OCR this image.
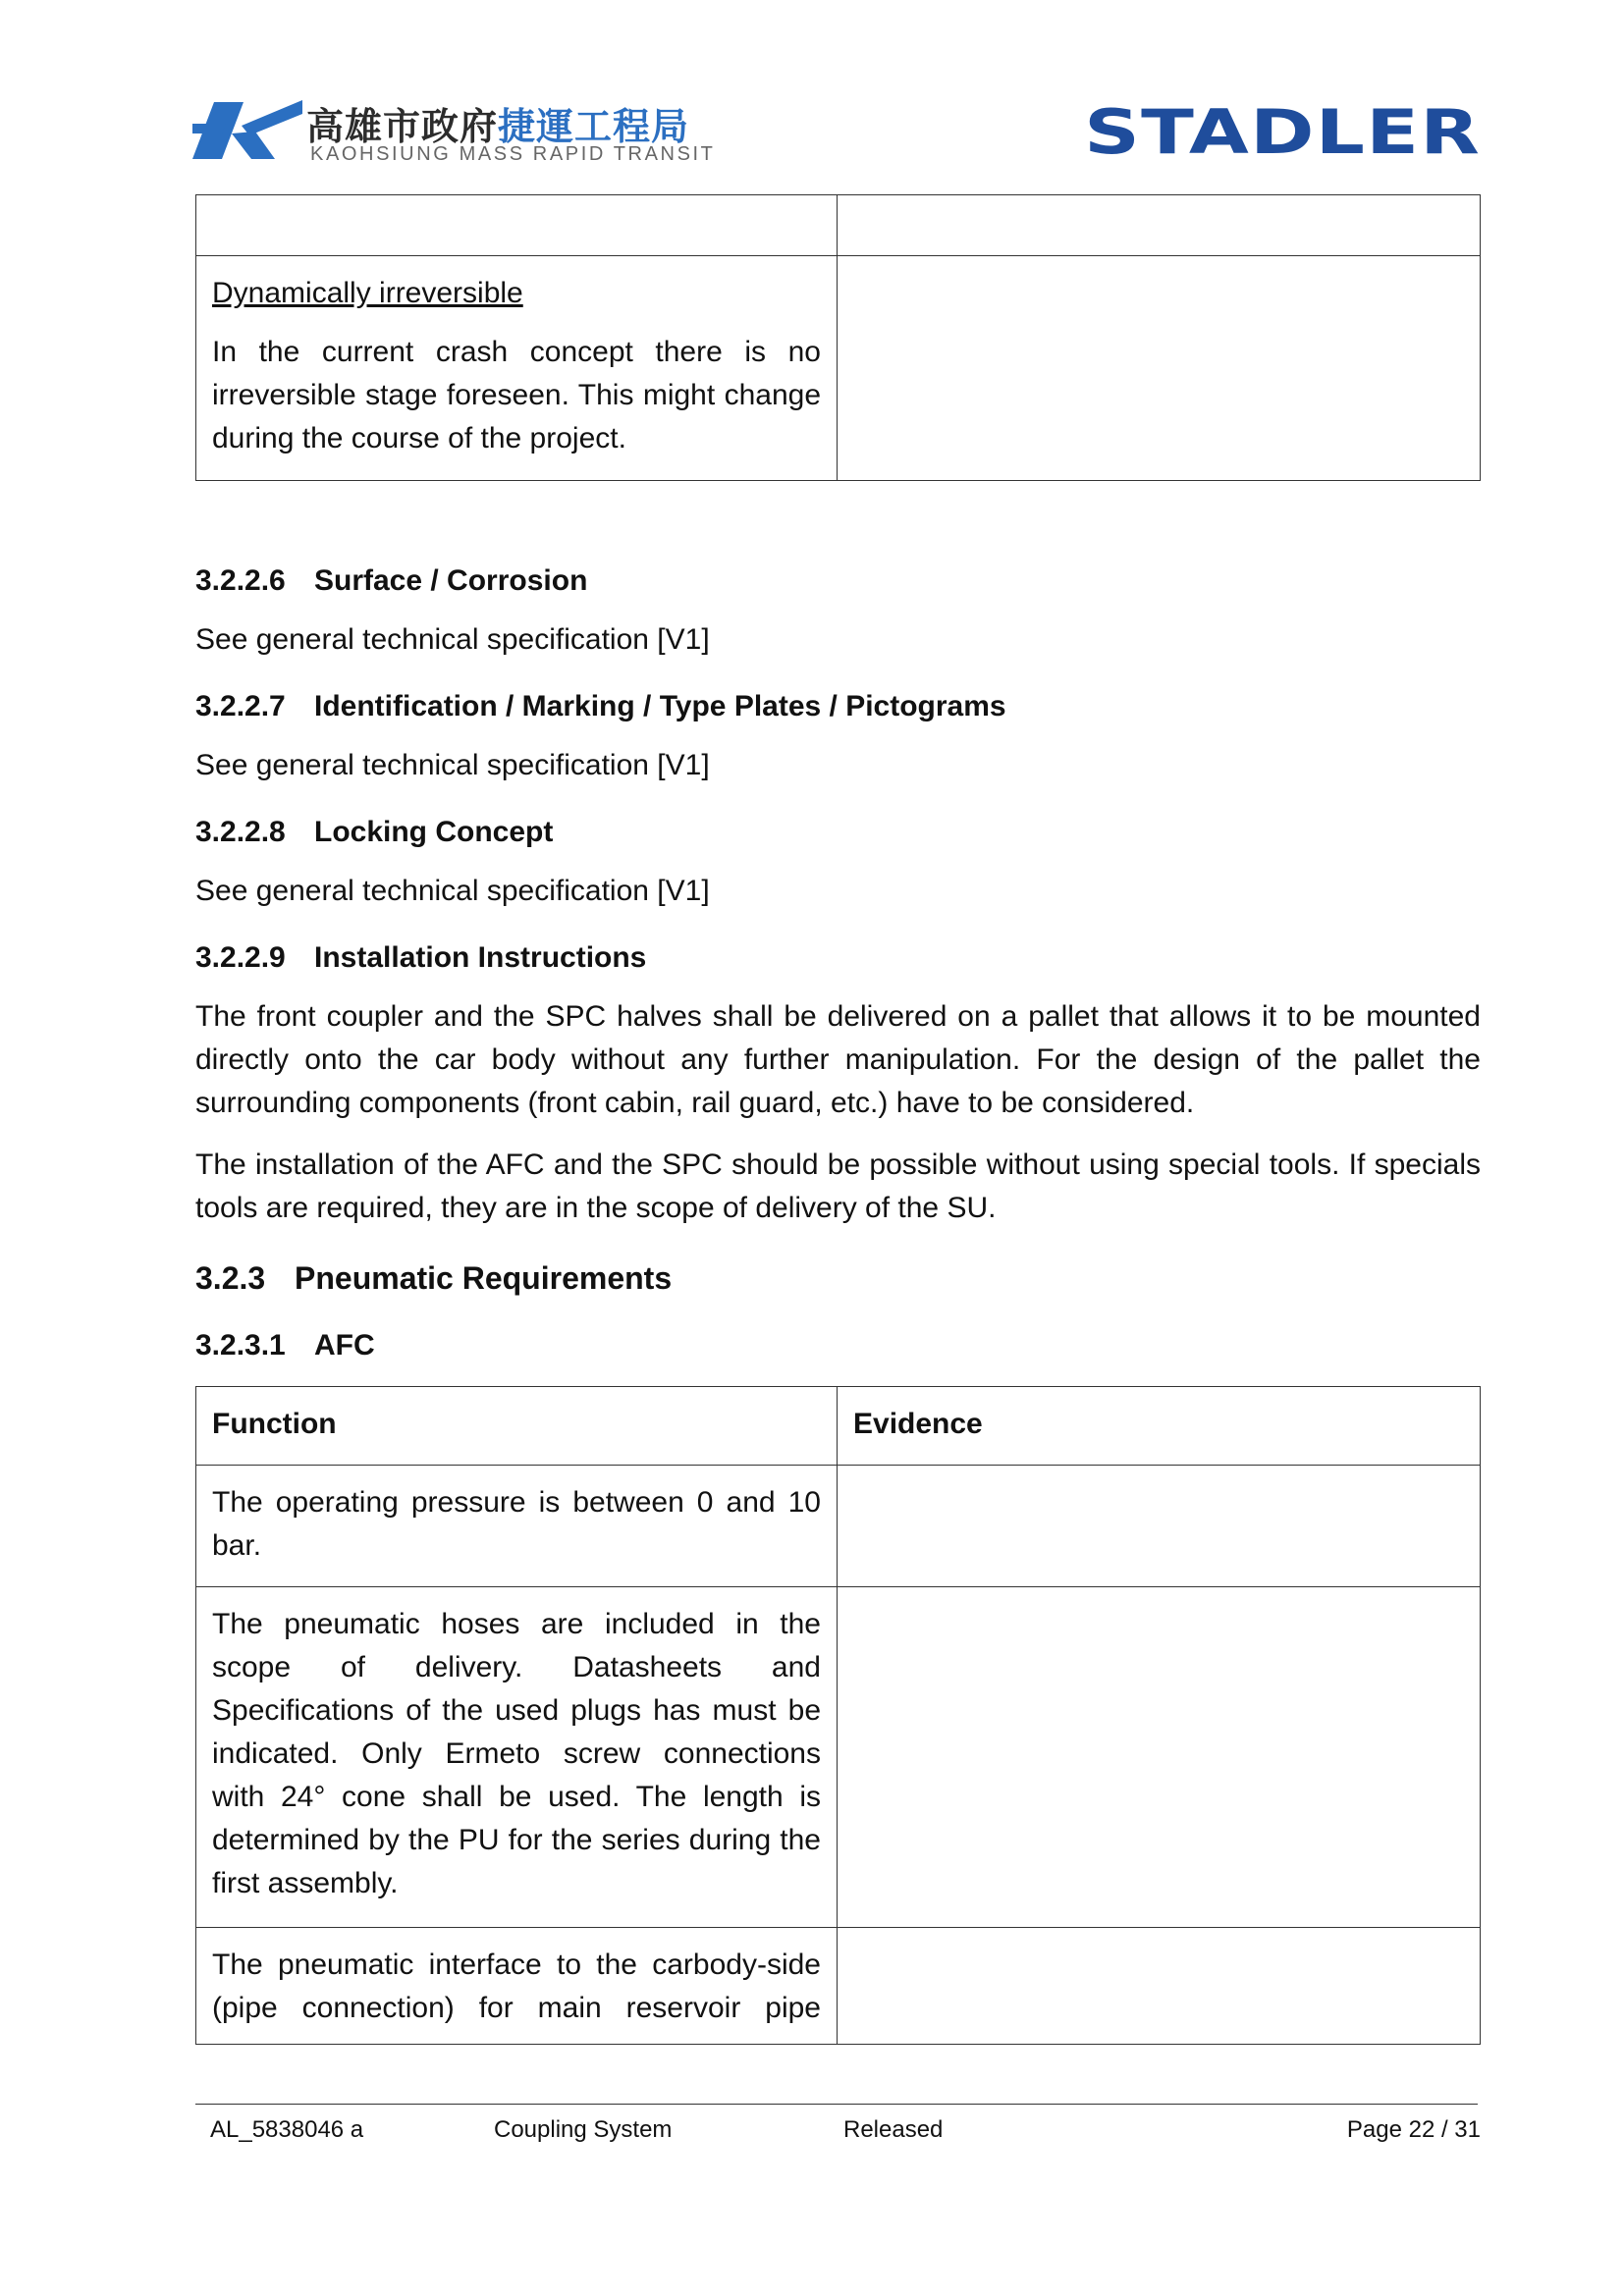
高雄市政府捷運工程局
KAOHSIUNG MASS RAPID TRANSIT	STADLER

Dynamically irreversible
In the current crash concept there is no irreversible stage foreseen. This might change during the course of the project.	

3.2.2.6 Surface / Corrosion
See general technical specification [V1]
3.2.2.7 Identification / Marking / Type Plates / Pictograms
See general technical specification [V1]
3.2.2.8 Locking Concept
See general technical specification [V1]
3.2.2.9 Installation Instructions
The front coupler and the SPC halves shall be delivered on a pallet that allows it to be mounted directly onto the car body without any further manipulation. For the design of the pallet the surrounding components (front cabin, rail guard, etc.) have to be considered.
The installation of the AFC and the SPC should be possible without using special tools. If specials tools are required, they are in the scope of delivery of the SU.
3.2.3 Pneumatic Requirements
3.2.3.1 AFC
Function	Evidence
The operating pressure is between 0 and 10 bar.	
The pneumatic hoses are included in the scope of delivery. Datasheets and Specifications of the used plugs has must be indicated. Only Ermeto screw connections with 24° cone shall be used. The length is determined by the PU for the series during the first assembly.	
The pneumatic interface to the carbody-side (pipe connection) for main reservoir pipe	
AL_5838046 a	Coupling System	Released	Page 22 / 31
